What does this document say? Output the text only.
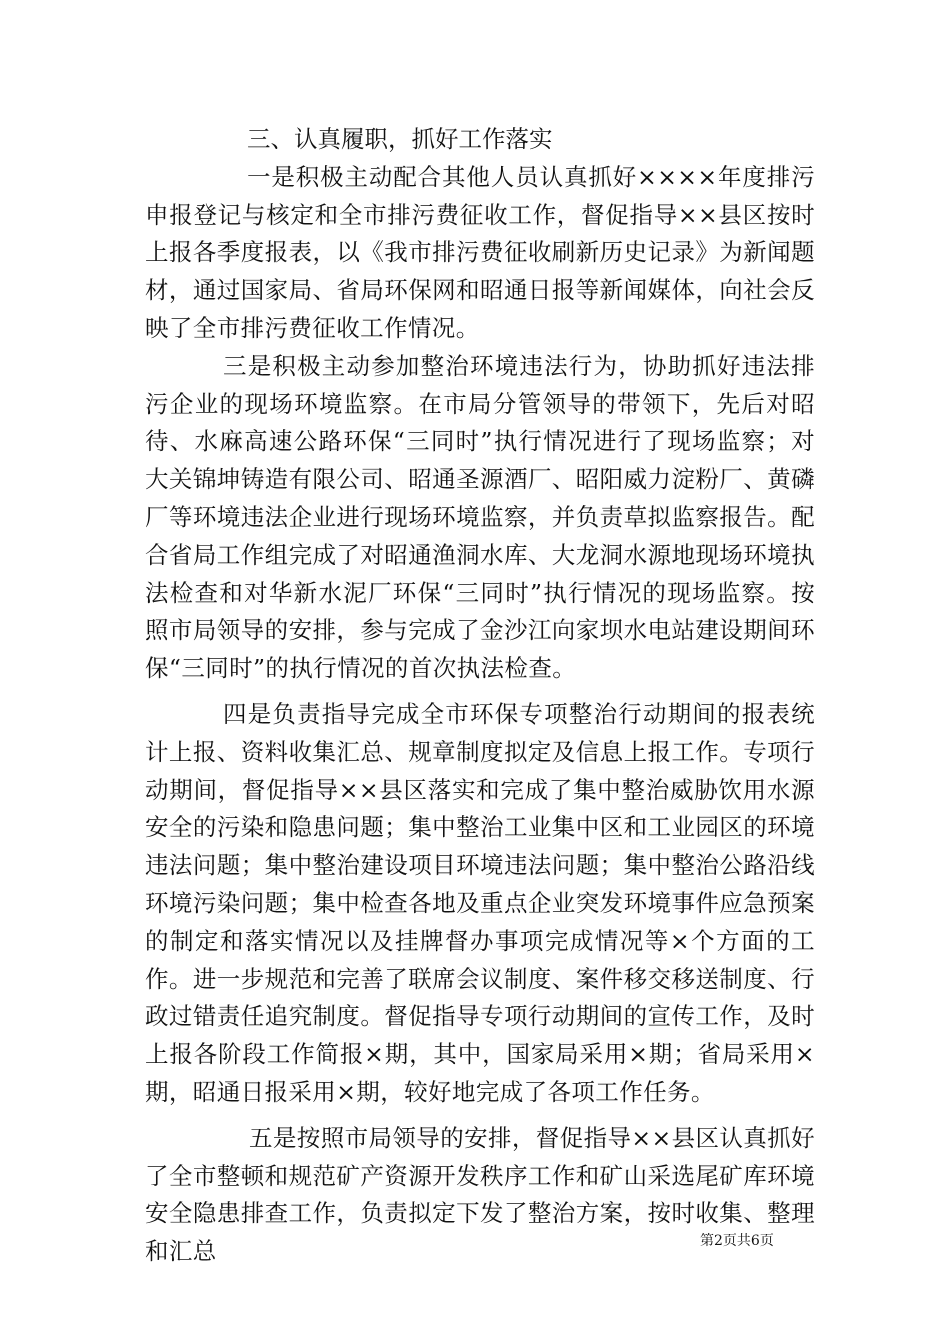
三、认真履职，抓好工作落实

一是积极主动配合其他人员认真抓好××××年度排污申报登记与核定和全市排污费征收工作，督促指导××县区按时上报各季度报表，以《我市排污费征收刷新历史记录》为新闻题材，通过国家局、省局环保网和昭通日报等新闻媒体，向社会反映了全市排污费征收工作情况。

三是积极主动参加整治环境违法行为，协助抓好违法排污企业的现场环境监察。在市局分管领导的带领下，先后对昭待、水麻高速公路环保“三同时”执行情况进行了现场监察；对大关锦坤铸造有限公司、昭通圣源酒厂、昭阳威力淀粉厂、黄磷厂等环境违法企业进行现场环境监察，并负责草拟监察报告。配合省局工作组完成了对昭通渔洞水库、大龙洞水源地现场环境执法检查和对华新水泥厂环保“三同时”执行情况的现场监察。按照市局领导的安排，参与完成了金沙江向家坝水电站建设期间环保“三同时”的执行情况的首次执法检查。

四是负责指导完成全市环保专项整治行动期间的报表统计上报、资料收集汇总、规章制度拟定及信息上报工作。专项行动期间，督促指导××县区落实和完成了集中整治威胁饮用水源安全的污染和隐患问题；集中整治工业集中区和工业园区的环境违法问题；集中整治建设项目环境违法问题；集中整治公路沿线环境污染问题；集中检查各地及重点企业突发环境事件应急预案的制定和落实情况以及挂牌督办事项完成情况等×个方面的工作。进一步规范和完善了联席会议制度、案件移交移送制度、行政过错责任追究制度。督促指导专项行动期间的宣传工作，及时上报各阶段工作简报×期，其中，国家局采用×期；省局采用×期，昭通日报采用×期，较好地完成了各项工作任务。

五是按照市局领导的安排，督促指导××县区认真抓好了全市整顿和规范矿产资源开发秩序工作和矿山采选尾矿库环境安全隐患排查工作，负责拟定下发了整治方案，按时收集、整理和汇总	第2页共6页
